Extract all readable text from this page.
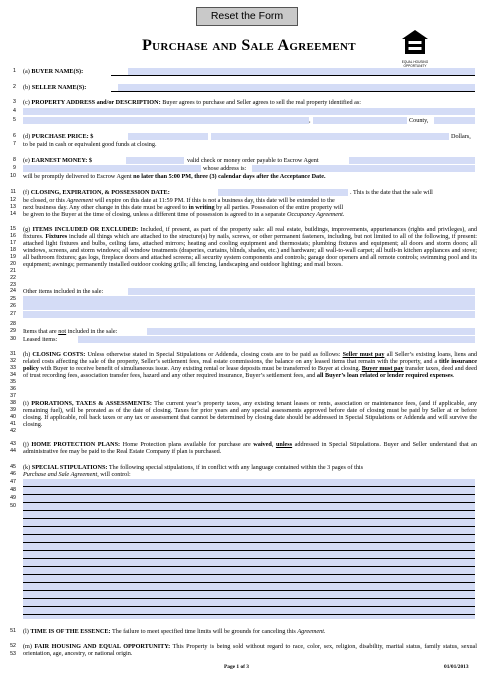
Reset the Form
Purchase and Sale Agreement
EQUAL HOUSING OPPORTUNITY
1
2
3
4
5
6
7
8
9
10
11
12
13
14
15
16
17
18
19
20
21
22
23
24
25
26
27
28
29
30
31
32
33
34
35
36
37
38
39
40
41
42
43
44
45
46
47
48
49
50
51
52
53
(a) BUYER NAME(S):
(b) SELLER NAME(S):
(c) PROPERTY ADDRESS and/or DESCRIPTION: Buyer agrees to purchase and Seller agrees to sell the real property identified as:
,	County,
(d) PURCHASE PRICE: $	Dollars,
to be paid in cash or equivalent good funds at closing.
(e) EARNEST MONEY: $	valid check or money order payable to Escrow Agent
whose address is:
will be promptly delivered to Escrow Agent no later than 5:00 PM, three (3) calendar days after the Acceptance Date.
(f) CLOSING, EXPIRATION, & POSSESSION DATE:	. This is the date that the sale will
be closed, or this Agreement will expire on this date at 11:59 PM. If this is not a business day, this date will be extended to the
next business day. Any other change in this date must be agreed to in writing by all parties. Possession of the entire property will
be given to the Buyer at the time of closing, unless a different time of possession is agreed to in a separate Occupancy Agreement.
(g) ITEMS INCLUDED OR EXCLUDED: Included, if present, as part of the property sale: all real estate, buildings, improvements, appurtenances (rights and privileges), and fixtures. Fixtures include all things which are attached to the structure(s) by nails, screws, or other permanent fasteners, including, but not limited to all of the following, if present: attached light fixtures and bulbs, ceiling fans, attached mirrors; heating and cooling equipment and thermostats; plumbing fixtures and equipment; all doors and storm doors; all windows, screens, and storm windows; all window treatments (draperies, curtains, blinds, shades, etc.) and hardware; all wall-to-wall carpet; all built-in kitchen appliances and stove; all bathroom fixtures; gas logs, fireplace doors and attached screens; all security system components and controls; garage door openers and all remote controls; swimming pool and its equipment; awnings; permanently installed outdoor cooking grills; all fencing, landscaping and outdoor lighting; and mail boxes.
Other items included in the sale:
Items that are not included in the sale:
Leased items:
(h) CLOSING COSTS: Unless otherwise stated in Special Stipulations or Addenda, closing costs are to be paid as follows: Seller must pay all Seller’s existing loans, liens and related costs affecting the sale of the property, Seller’s settlement fees, real estate commissions, the balance on any leased items that remain with the property, and a title insurance policy with Buyer to receive benefit of simultaneous issue. Any existing rental or lease deposits must be transferred to Buyer at closing. Buyer must pay transfer taxes, deed and deed of trust recording fees, association transfer fees, hazard and any other required insurance, Buyer’s settlement fees, and all Buyer’s loan related or lender required expenses.
(i) PRORATIONS, TAXES & ASSESSMENTS: The current year’s property taxes, any existing tenant leases or rents, association or maintenance fees, (and if applicable, any remaining fuel), will be prorated as of the date of closing. Taxes for prior years and any special assessments approved before date of closing must be paid by Seller at or before closing. If applicable, roll back taxes or any tax or assessment that cannot be determined by closing date should be addressed in Special Stipulations or Addenda and will survive the closing.
(j) HOME PROTECTION PLANS: Home Protection plans available for purchase are waived, unless addressed in Special Stipulations. Buyer and Seller understand that an administrative fee may be paid to the Real Estate Company if plan is purchased.
(k) SPECIAL STIPULATIONS: The following special stipulations, if in conflict with any language contained within the 3 pages of this
Purchase and Sale Agreement, will control:
(l) TIME IS OF THE ESSENCE: The failure to meet specified time limits will be grounds for canceling this Agreement.
(m) FAIR HOUSING AND EQUAL OPPORTUNITY: This Property is being sold without regard to race, color, sex, religion, disability, marital status, family status, sexual orientation, age, ancestry, or national origin.
Page 1 of 3	01/01/2013
